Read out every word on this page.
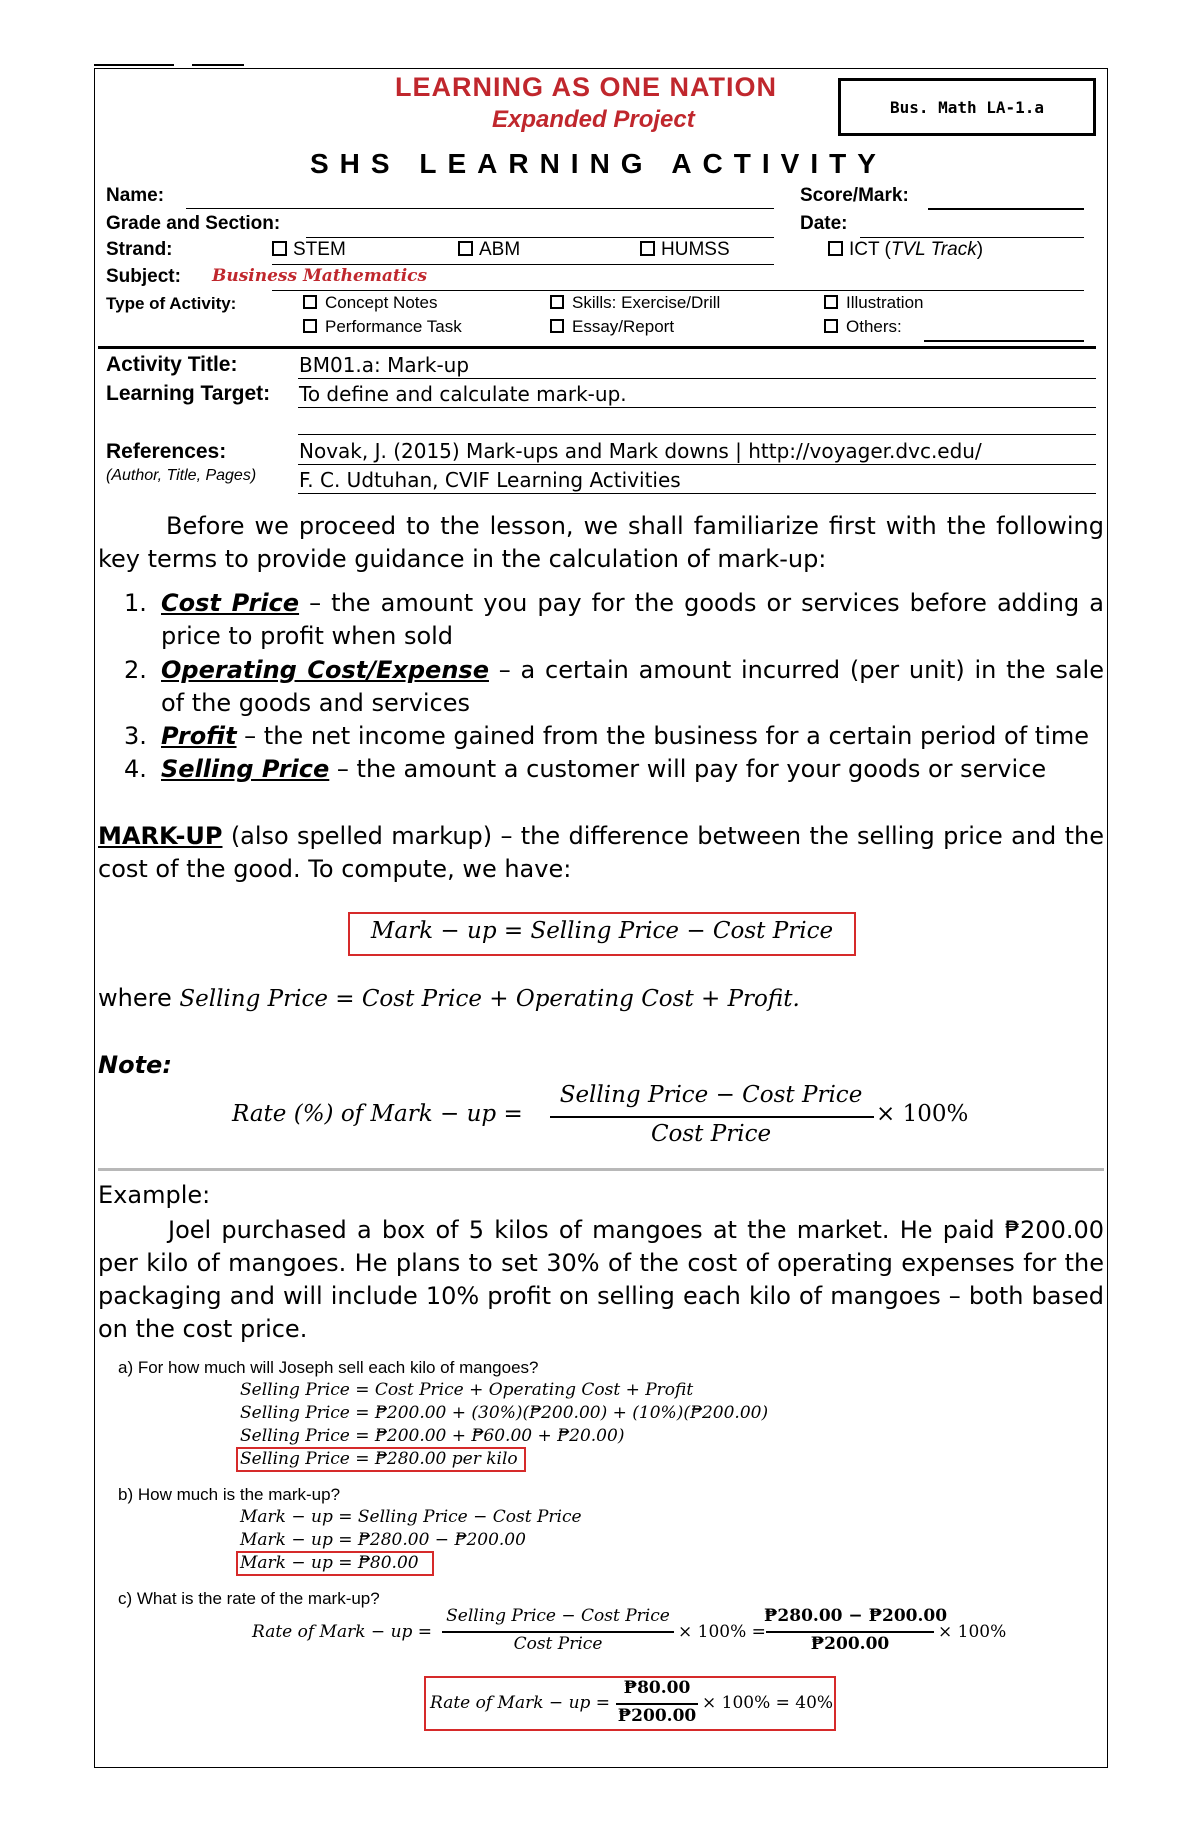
LEARNING AS ONE NATION
Expanded Project	Bus. Math LA-1.a
SHS LEARNING ACTIVITY
Name:	Score/Mark:
Grade and Section:	Date:
Strand:	STEM	ABM	HUMSS	ICT (TVL Track)
Subject: Business Mathematics
Type of Activity:	Concept Notes	Skills: Exercise/Drill	Illustration
Performance Task	Essay/Report	Others:
Activity Title:	BM01.a: Mark-up
Learning Target: To define and calculate mark-up.
References:
(Author, Title, Pages)
Novak, J. (2015) Mark-ups and Mark downs | http://voyager.dvc.edu/
F. C. Udtuhan, CVIF Learning Activities
Before we proceed to the lesson, we shall familiarize first with the following key terms to provide guidance in the calculation of mark-up:
1. Cost Price – the amount you pay for the goods or services before adding a price to profit when sold
2. Operating Cost/Expense – a certain amount incurred (per unit) in the sale of the goods and services
3. Profit – the net income gained from the business for a certain period of time
4. Selling Price – the amount a customer will pay for your goods or service
MARK-UP (also spelled markup) – the difference between the selling price and the cost of the good. To compute, we have:
Mark − up = Selling Price − Cost Price
where Selling Price = Cost Price + Operating Cost + Profit.
Note:
Rate (%) of Mark − up =
Selling Price − Cost Price
Cost Price
× 100%
Example:
Joel purchased a box of 5 kilos of mangoes at the market. He paid ₱200.00 per kilo of mangoes. He plans to set 30% of the cost of operating expenses for the packaging and will include 10% profit on selling each kilo of mangoes – both based on the cost price.
a) For how much will Joseph sell each kilo of mangoes?
Selling Price = Cost Price + Operating Cost + Profit
Selling Price = ₱200.00 + (30%)(₱200.00) + (10%)(₱200.00)
Selling Price = ₱200.00 + ₱60.00 + ₱20.00)
Selling Price = ₱280.00 per kilo
b) How much is the mark-up?
Mark − up = Selling Price − Cost Price
Mark − up = ₱280.00 − ₱200.00
Mark − up = ₱80.00
c) What is the rate of the mark-up?
Rate of Mark − up =
Selling Price − Cost Price
Cost Price
× 100% =
₱280.00 − ₱200.00
₱200.00
× 100%
Rate of Mark − up =
₱80.00
₱200.00
× 100% = 40%
